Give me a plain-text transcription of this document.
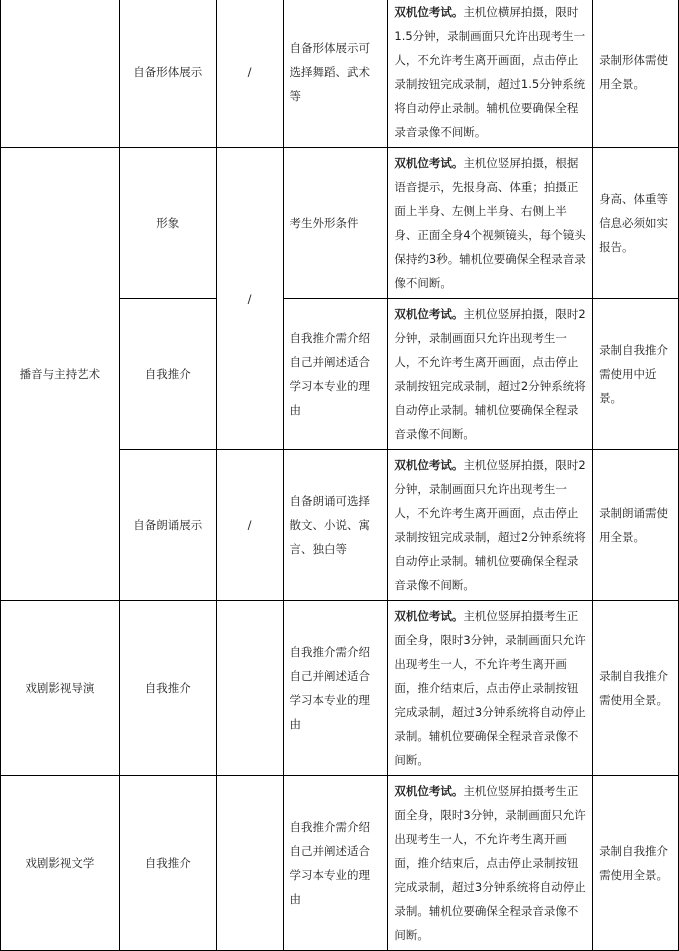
	自备形体展示	/	自备形体展示可选择舞蹈、武术等	双机位考试。主机位横屏拍摄，限时1.5分钟，录制画面只允许出现考生一人，不允许考生离开画面，点击停止录制按钮完成录制，超过1.5分钟系统将自动停止录制。辅机位要确保全程录音录像不间断。	录制形体需使用全景。
播音与主持艺术	形象	/	考生外形条件	双机位考试。主机位竖屏拍摄，根据语音提示，先报身高、体重；拍摄正面上半身、左侧上半身、右侧上半身、正面全身4个视频镜头，每个镜头保持约3秒。辅机位要确保全程录音录像不间断。	身高、体重等信息必须如实报告。
	自我推介		自我推介需介绍自己并阐述适合学习本专业的理由	双机位考试。主机位竖屏拍摄，限时2分钟，录制画面只允许出现考生一人，不允许考生离开画面，点击停止录制按钮完成录制，超过2分钟系统将自动停止录制。辅机位要确保全程录音录像不间断。	录制自我推介需使用中近景。
	自备朗诵展示	/	自备朗诵可选择散文、小说、寓言、独白等	双机位考试。主机位竖屏拍摄，限时2分钟，录制画面只允许出现考生一人，不允许考生离开画面，点击停止录制按钮完成录制，超过2分钟系统将自动停止录制。辅机位要确保全程录音录像不间断。	录制朗诵需使用全景。
戏剧影视导演	自我推介		自我推介需介绍自己并阐述适合学习本专业的理由	双机位考试。主机位竖屏拍摄考生正面全身，限时3分钟，录制画面只允许出现考生一人，不允许考生离开画面，推介结束后，点击停止录制按钮完成录制，超过3分钟系统将自动停止录制。辅机位要确保全程录音录像不间断。	录制自我推介需使用全景。
戏剧影视文学	自我推介		自我推介需介绍自己并阐述适合学习本专业的理由	双机位考试。主机位竖屏拍摄考生正面全身，限时3分钟，录制画面只允许出现考生一人，不允许考生离开画面，推介结束后，点击停止录制按钮完成录制，超过3分钟系统将自动停止录制。辅机位要确保全程录音录像不间断。	录制自我推介需使用全景。
